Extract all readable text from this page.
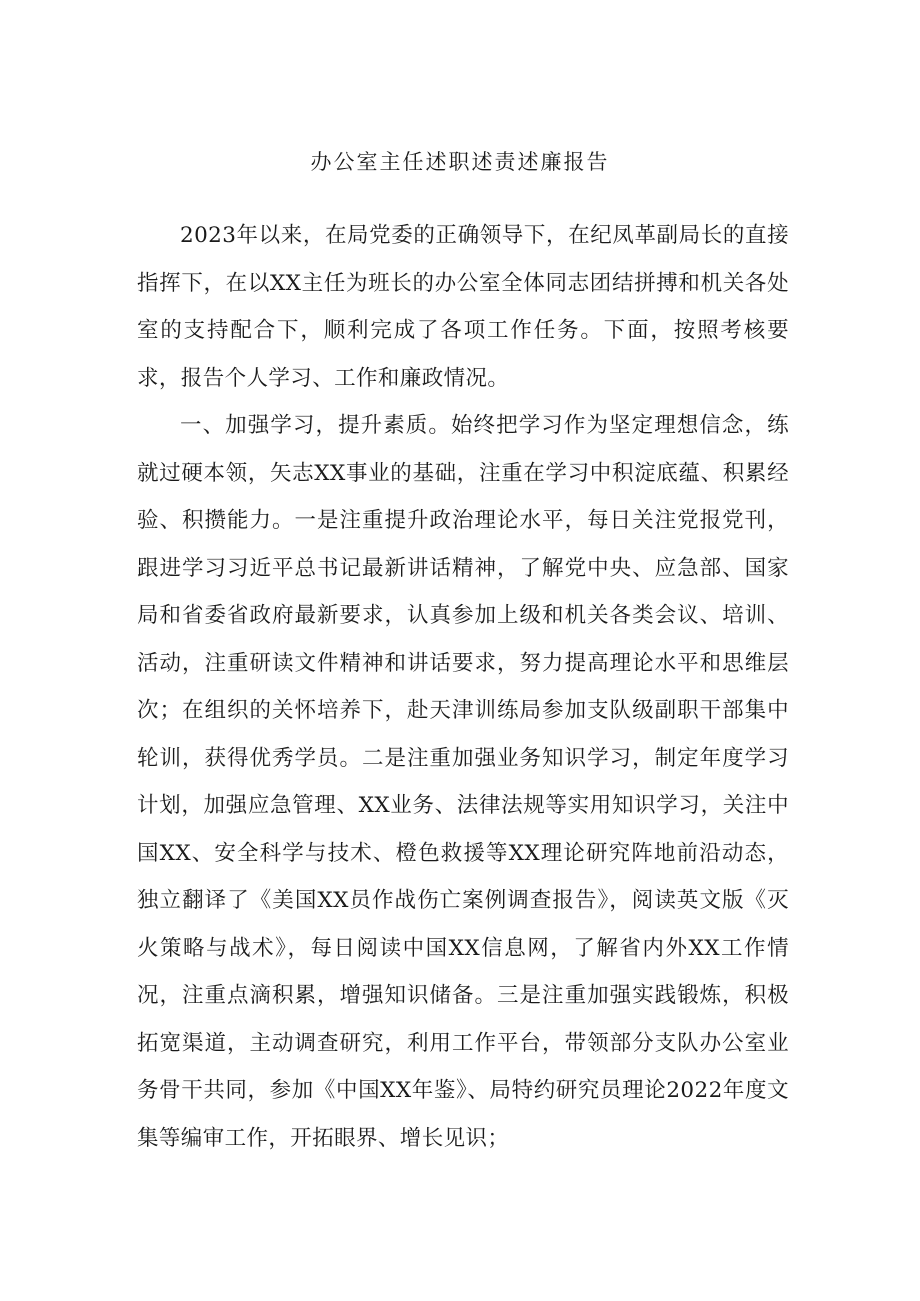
办公室主任述职述责述廉报告

2023年以来，在局党委的正确领导下，在纪凤革副局长的直接指挥下，在以XX主任为班长的办公室全体同志团结拼搏和机关各处室的支持配合下，顺利完成了各项工作任务。下面，按照考核要求，报告个人学习、工作和廉政情况。

一、加强学习，提升素质。始终把学习作为坚定理想信念，练就过硬本领，矢志XX事业的基础，注重在学习中积淀底蕴、积累经验、积攒能力。一是注重提升政治理论水平，每日关注党报党刊，跟进学习习近平总书记最新讲话精神，了解党中央、应急部、国家局和省委省政府最新要求，认真参加上级和机关各类会议、培训、活动，注重研读文件精神和讲话要求，努力提高理论水平和思维层次；在组织的关怀培养下，赴天津训练局参加支队级副职干部集中轮训，获得优秀学员。二是注重加强业务知识学习，制定年度学习计划，加强应急管理、XX业务、法律法规等实用知识学习，关注中国XX、安全科学与技术、橙色救援等XX理论研究阵地前沿动态，独立翻译了《美国XX员作战伤亡案例调查报告》，阅读英文版《灭火策略与战术》，每日阅读中国XX信息网，了解省内外XX工作情况，注重点滴积累，增强知识储备。三是注重加强实践锻炼，积极拓宽渠道，主动调查研究，利用工作平台，带领部分支队办公室业务骨干共同，参加《中国XX年鉴》、局特约研究员理论2022年度文集等编审工作，开拓眼界、增长见识；
